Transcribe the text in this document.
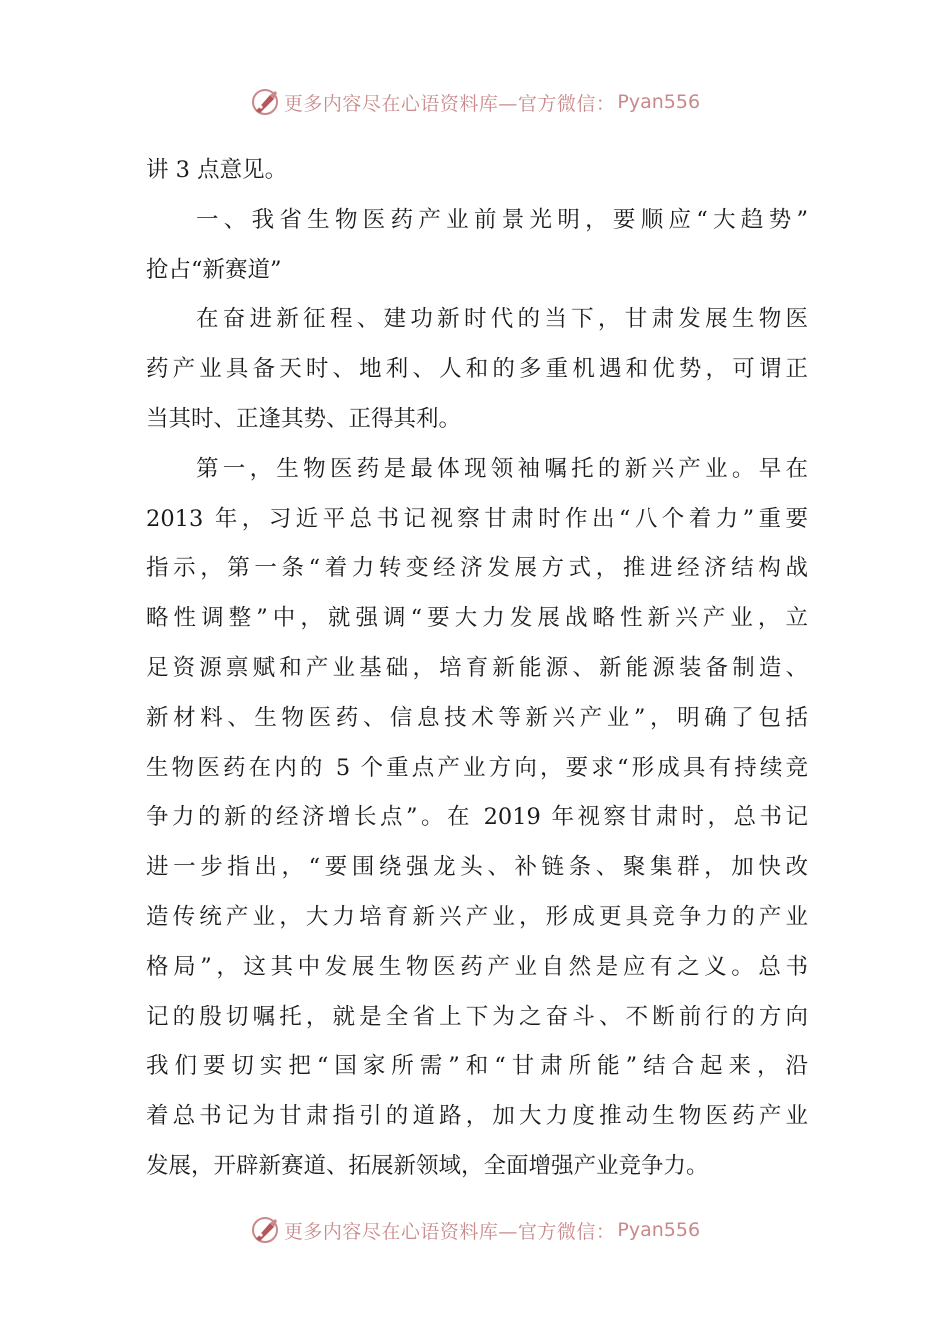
更多内容尽在心语资料库—官方微信： Pyan556
讲 3 点意见。
一、我省生物医药产业前景光明，要顺应“大趋势”
抢占“新赛道”
在奋进新征程、建功新时代的当下，甘肃发展生物医
药产业具备天时、地利、人和的多重机遇和优势，可谓正
当其时、正逢其势、正得其利。
第一，生物医药是最体现领袖嘱托的新兴产业。早在
2013 年，习近平总书记视察甘肃时作出“八个着力”重要
指示，第一条“着力转变经济发展方式，推进经济结构战
略性调整”中，就强调“要大力发展战略性新兴产业，立
足资源禀赋和产业基础，培育新能源、新能源装备制造、
新材料、生物医药、信息技术等新兴产业”，明确了包括
生物医药在内的 5 个重点产业方向，要求“形成具有持续竞
争力的新的经济增长点”。在 2019 年视察甘肃时，总书记
进一步指出，“要围绕强龙头、补链条、聚集群，加快改
造传统产业，大力培育新兴产业，形成更具竞争力的产业
格局”，这其中发展生物医药产业自然是应有之义。总书
记的殷切嘱托，就是全省上下为之奋斗、不断前行的方向
我们要切实把“国家所需”和“甘肃所能”结合起来，沿
着总书记为甘肃指引的道路，加大力度推动生物医药产业
发展，开辟新赛道、拓展新领域，全面增强产业竞争力。
更多内容尽在心语资料库—官方微信： Pyan556
